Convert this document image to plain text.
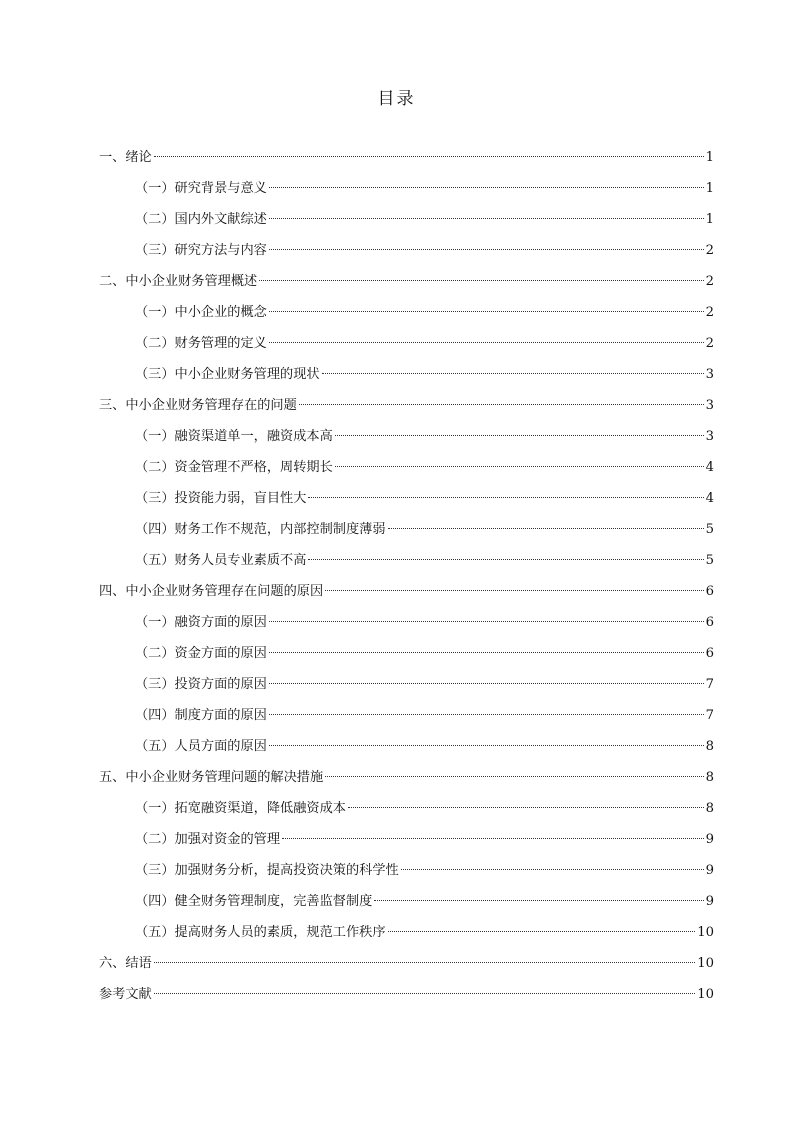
目录
一、绪论	1
（一）研究背景与意义	1
（二）国内外文献综述	1
（三）研究方法与内容	2
二、中小企业财务管理概述	2
（一）中小企业的概念	2
（二）财务管理的定义	2
（三）中小企业财务管理的现状	3
三、中小企业财务管理存在的问题	3
（一）融资渠道单一，融资成本高	3
（二）资金管理不严格，周转期长	4
（三）投资能力弱，盲目性大	4
（四）财务工作不规范，内部控制制度薄弱	5
（五）财务人员专业素质不高	5
四、中小企业财务管理存在问题的原因	6
（一）融资方面的原因	6
（二）资金方面的原因	6
（三）投资方面的原因	7
（四）制度方面的原因	7
（五）人员方面的原因	8
五、中小企业财务管理问题的解决措施	8
（一）拓宽融资渠道，降低融资成本	8
（二）加强对资金的管理	9
（三）加强财务分析，提高投资决策的科学性	9
（四）健全财务管理制度，完善监督制度	9
（五）提高财务人员的素质，规范工作秩序	10
六、结语	10
参考文献	10
